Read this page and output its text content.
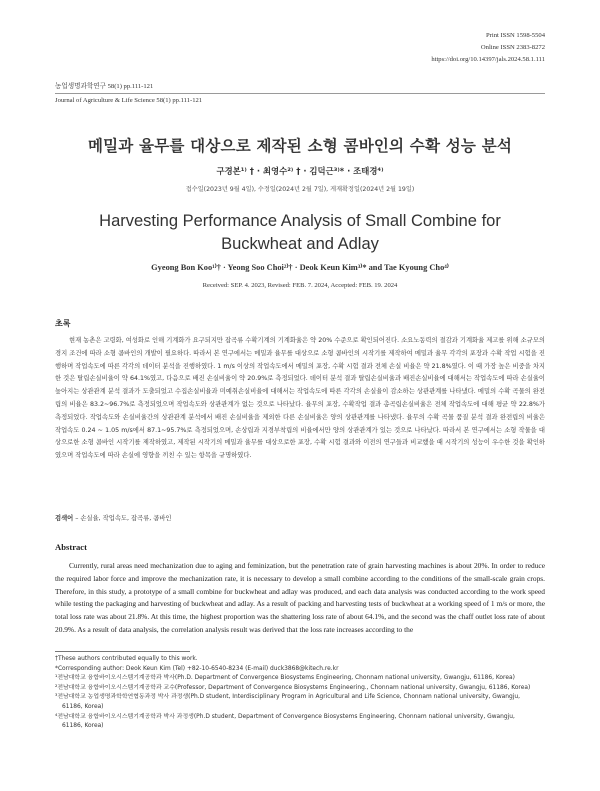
Print ISSN 1598-5504
Online ISSN 2383-8272
https://doi.org/10.14397/jals.2024.58.1.111
농업생명과학연구 58(1) pp.111-121
Journal of Agriculture & Life Science 58(1) pp.111-121
메밀과 율무를 대상으로 제작된 소형 콤바인의 수확 성능 분석
구경본¹⁾ † · 최영수²⁾ † · 김덕근³⁾* · 조태경⁴⁾
접수일(2023년 9월 4일), 수정일(2024년 2월 7일), 게재확정일(2024년 2월 19일)
Harvesting Performance Analysis of Small Combine for Buckwheat and Adlay
Gyeong Bon Koo¹⁾† · Yeong Soo Choi²⁾† · Deok Keun Kim³⁾* and Tae Kyoung Cho⁴⁾
Received: SEP. 4. 2023, Revised: FEB. 7. 2024, Accepted: FEB. 19. 2024
초록

현재 농촌은 고령화, 여성화로 인해 기계화가 요구되지만 잡곡류 수확기계의 기계화율은 약 20% 수준으로 확인되어진다. 소요노동력의 절감과 기계화율 제고를 위해 소규모의 경지 조건에 따라 소형 콤바인의 개발이 필요하다. 따라서 본 연구에서는 메밀과 율무를 대상으로 소형 콤바인의 시작기를 제작하여 메밀과 율무 각각의 포장과 수확 작업 시험을 진행하며 작업속도에 따른 각각의 데이터 분석을 진행하였다. 1 m/s 이상의 작업속도에서 메밀의 포장, 수확 시험 결과 전체 손실 비율은 약 21.8%였다. 이 때 가장 높은 비중을 차지한 것은 탈립손실비율이 약 64.1%였고, 다음으로 배진 손실비율이 약 20.9%로 측정되었다. 데이터 분석 결과 탈립손실비율과 배진손실비율에 대해서는 작업속도에 따라 손실율이 높아지는 상관관계 분석 결과가 도출되었고 수집손실비율과 미예취손실비율에 대해서는 작업속도에 따른 각각의 손실율이 감소하는 상관관계를 나타냈다. 메밀의 수확 곡물의 완전립의 비율은 83.2~96.7%로 측정되었으며 작업속도와 상관관계가 없는 것으로 나타났다. 율무의 포장, 수확작업 결과 총곡립손실비율은 전체 작업속도에 대해 평균 약 22.8%가 측정되었다. 작업속도와 손실비율간의 상관관계 분석에서 배진 손실비율을 제외한 다른 손실비율은 양의 상관관계를 나타냈다. 율무의 수확 곡물 품질 분석 결과 완전립의 비율은 작업속도 0.24 ~ 1.05 m/s에서 87.1~95.7%로 측정되었으며, 손상립과 지경부착립의 비율에서만 양의 상관관계가 있는 것으로 나타났다. 따라서 본 연구에서는 소형 작물을 대상으로한 소형 콤바인 시작기를 제작하였고, 제작된 시작기의 메밀과 율무를 대상으로한 포장, 수확 시험 결과와 이전의 연구들과 비교했을 때 시작기의 성능이 우수한 것을 확인하였으며 작업속도에 따라 손실에 영향을 끼친 수 있는 항목을 규명하였다.

검색어 – 손실율, 작업속도, 잡곡류, 콤바인
Abstract

Currently, rural areas need mechanization due to aging and feminization, but the penetration rate of grain harvesting machines is about 20%. In order to reduce the required labor force and improve the mechanization rate, it is necessary to develop a small combine according to the conditions of the small-scale grain crops. Therefore, in this study, a prototype of a small combine for buckwheat and adlay was produced, and each data analysis was conducted according to the work speed while testing the packaging and harvesting of buckwheat and adlay. As a result of packing and harvesting tests of buckwheat at a working speed of 1 m/s or more, the total loss rate was about 21.8%. At this time, the highest proportion was the shattering loss rate of about 64.1%, and the second was the chaff outlet loss rate of about 20.9%. As a result of data analysis, the correlation analysis result was derived that the loss rate increases according to the

†These authors contributed equally to this work.
*Corresponding author: Deok Keun Kim (Tel) +82-10-6540-8234 (E-mail) duck3868@kitech.re.kr
¹전남대학교 융합바이오시스템기계공학과 박사(Ph.D. Department of Convergence Biosystems Engineering, Chonnam national university, Gwangju, 61186, Korea)
²전남대학교 융합바이오시스템기계공학과 교수(Professor, Department of Convergence Biosystems Engineering., Chonnam national university, Gwangju, 61186, Korea)
³전남대학교 농업생명과학학연협동과정 박사 과정생(Ph.D student, Interdisciplinary Program in Agricultural and Life Science, Chonnam national university, Gwangju,
61186, Korea)
⁴전남대학교 융합바이오시스템기계공학과 박사 과정생(Ph.D student, Department of Convergence Biosystems Engineering, Chonnam national university, Gwangju,
61186, Korea)
